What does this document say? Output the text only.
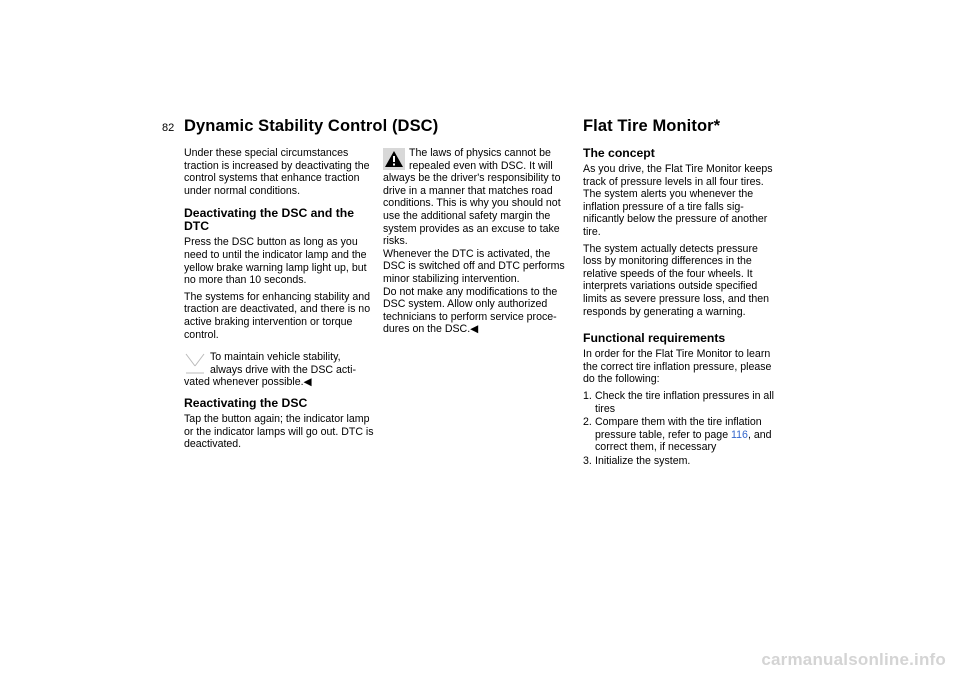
82 Dynamic Stability Control (DSC)	Flat Tire Monitor*

Under these special circumstances traction is increased by deactivating the control systems that enhance traction under normal conditions.

Deactivating the DSC and the DTC

Press the DSC button as long as you need to until the indicator lamp and the yellow brake warning lamp light up, but no more than 10 seconds.

The systems for enhancing stability and traction are deactivated, and there is no active braking intervention or torque control.

To maintain vehicle stability,
always drive with the DSC acti-
vated whenever possible.◀
Reactivating the DSC

Tap the button again; the indicator lamp or the indicator lamps will go out. DTC is deactivated.

The laws of physics cannot be
repealed even with DSC. It will
always be the driver's responsibility to drive in a manner that matches road conditions. This is why you should not use the additional safety margin the system provides as an excuse to take risks.
Whenever the DTC is activated, the DSC is switched off and DTC performs minor stabilizing intervention.
Do not make any modifications to the DSC system. Allow only authorized technicians to perform service proce-dures on the DSC.◀
The concept

As you drive, the Flat Tire Monitor keeps track of pressure levels in all four tires. The system alerts you whenever the inflation pressure of a tire falls sig-nificantly below the pressure of another tire.

The system actually detects pressure loss by monitoring differences in the relative speeds of the four wheels. It interprets variations outside specified limits as severe pressure loss, and then responds by generating a warning.

Functional requirements

In order for the Flat Tire Monitor to learn the correct tire inflation pressure, please do the following:

1. Check the tire inflation pressures in all tires
2. Compare them with the tire inflation pressure table, refer to page 116, and correct them, if necessary
3. Initialize the system.
carmanualsonline.info
